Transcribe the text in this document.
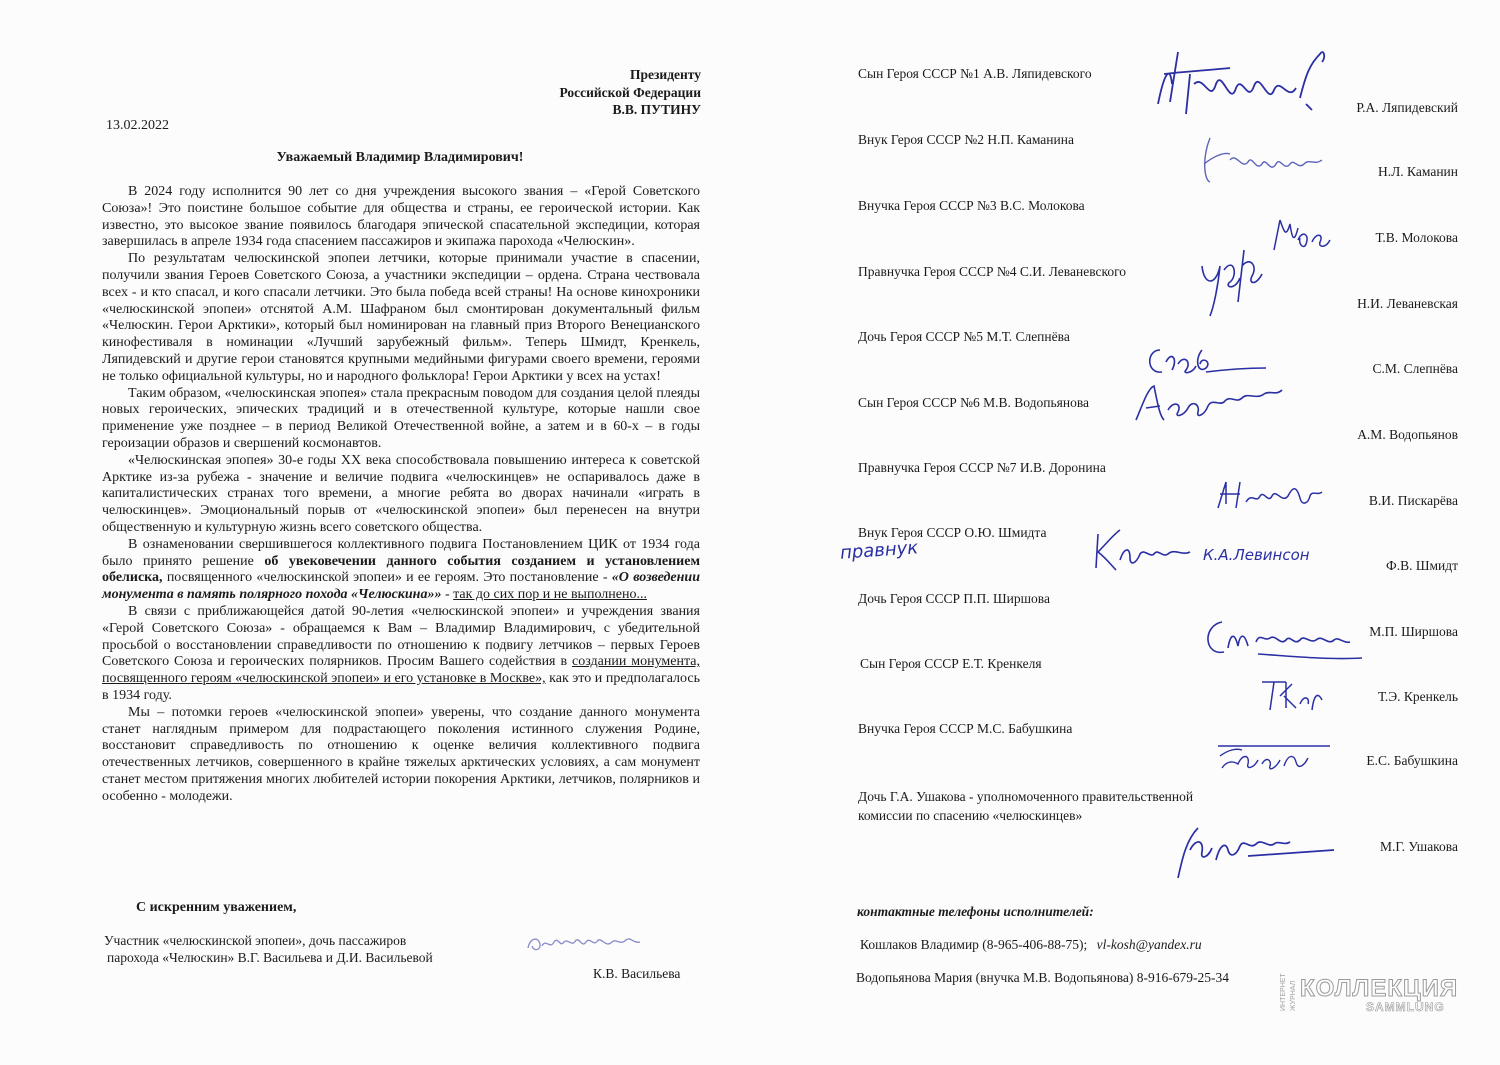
Президенту
Российской Федерации
В.В. ПУТИНУ
13.02.2022
Уважаемый Владимир Владимирович!

В 2024 году исполнится 90 лет со дня учреждения высокого звания – «Герой Советского Союза»! Это поистине большое событие для общества и страны, ее героической истории. Как известно, это высокое звание появилось благодаря эпической спасательной экспедиции, которая завершилась в апреле 1934 года спасением пассажиров и экипажа парохода «Челюскин».

По результатам челюскинской эпопеи летчики, которые принимали участие в спасении, получили звания Героев Советского Союза, а участники экспедиции – ордена. Страна чествовала всех - и кто спасал, и кого спасали летчики. Это была победа всей страны! На основе кинохроники «челюскинской эпопеи» отснятой А.М. Шафраном был смонтирован документальный фильм «Челюскин. Герои Арктики», который был номинирован на главный приз Второго Венецианского кинофестиваля в номинации «Лучший зарубежный фильм». Теперь Шмидт, Кренкель, Ляпидевский и другие герои становятся крупными медийными фигурами своего времени, героями не только официальной культуры, но и народного фольклора! Герои Арктики у всех на устах!

Таким образом, «челюскинская эпопея» стала прекрасным поводом для создания целой плеяды новых героических, эпических традиций и в отечественной культуре, которые нашли свое применение уже позднее – в период Великой Отечественной войне, а затем и в 60-х – в годы героизации образов и свершений космонавтов.

«Челюскинская эпопея» 30-е годы XX века способствовала повышению интереса к советской Арктике из-за рубежа - значение и величие подвига «челюскинцев» не оспаривалось даже в капиталистических странах того времени, а многие ребята во дворах начинали «играть в челюскинцев». Эмоциональный порыв от «челюскинской эпопеи» был перенесен на внутри общественную и культурную жизнь всего советского общества.

В ознаменовании свершившегося коллективного подвига Постановлением ЦИК от 1934 года было принято решение об увековечении данного события созданием и установлением обелиска, посвященного «челюскинской эпопеи» и ее героям. Это постановление - «О возведении монумента в память полярного похода «Челюскина»» - так до сих пор и не выполнено...

В связи с приближающейся датой 90-летия «челюскинской эпопеи» и учреждения звания «Герой Советского Союза» - обращаемся к Вам – Владимир Владимирович, с убедительной просьбой о восстановлении справедливости по отношению к подвигу летчиков – первых Героев Советского Союза и героических полярников. Просим Вашего содействия в создании монумента, посвященного героям «челюскинской эпопеи» и его установке в Москве», как это и предполагалось в 1934 году.

Мы – потомки героев «челюскинской эпопеи» уверены, что создание данного монумента станет наглядным примером для подрастающего поколения истинного служения Родине, восстановит справедливость по отношению к оценке величия коллективного подвига отечественных летчиков, совершенного в крайне тяжелых арктических условиях, а сам монумент станет местом притяжения многих любителей истории покорения Арктики, летчиков, полярников и особенно - молодежи.

С искренним уважением,
Участник «челюскинской эпопеи», дочь пассажиров
парохода «Челюскин» В.Г. Васильева и Д.И. Васильевой
К.В. Васильева
Сын Героя СССР №1 А.В. Ляпидевского
Р.А. Ляпидевский
Внук Героя СССР №2 Н.П. Каманина
Н.Л. Каманин
Внучка Героя СССР №3 В.С. Молокова
Т.В. Молокова
Правнучка Героя СССР №4 С.И. Леваневского
Н.И. Леваневская
Дочь Героя СССР №5 М.Т. Слепнёва
С.М. Слепнёва
Сын Героя СССР №6 М.В. Водопьянова
А.М. Водопьянов
Правнучка Героя СССР №7 И.В. Доронина
В.И. Пискарёва
Внук Героя СССР О.Ю. Шмидта
Ф.В. Шмидт
правнук	К.А.Левинсон
Дочь Героя СССР П.П. Ширшова
М.П. Ширшова
Сын Героя СССР Е.Т. Кренкеля
Т.Э. Кренкель
Внучка Героя СССР М.С. Бабушкина
Е.С. Бабушкина
Дочь Г.А. Ушакова - уполномоченного правительственной
комиссии по спасению «челюскинцев»
М.Г. Ушакова
контактные телефоны исполнителей:
Кошлаков Владимир (8-965-406-88-75); vl-kosh@yandex.ru
Водопьянова Мария (внучка М.В. Водопьянова) 8-916-679-25-34	ИНТЕРНЕТ ЖУРНАЛ КОЛЛЕКЦИЯ
SAMMLUNG
